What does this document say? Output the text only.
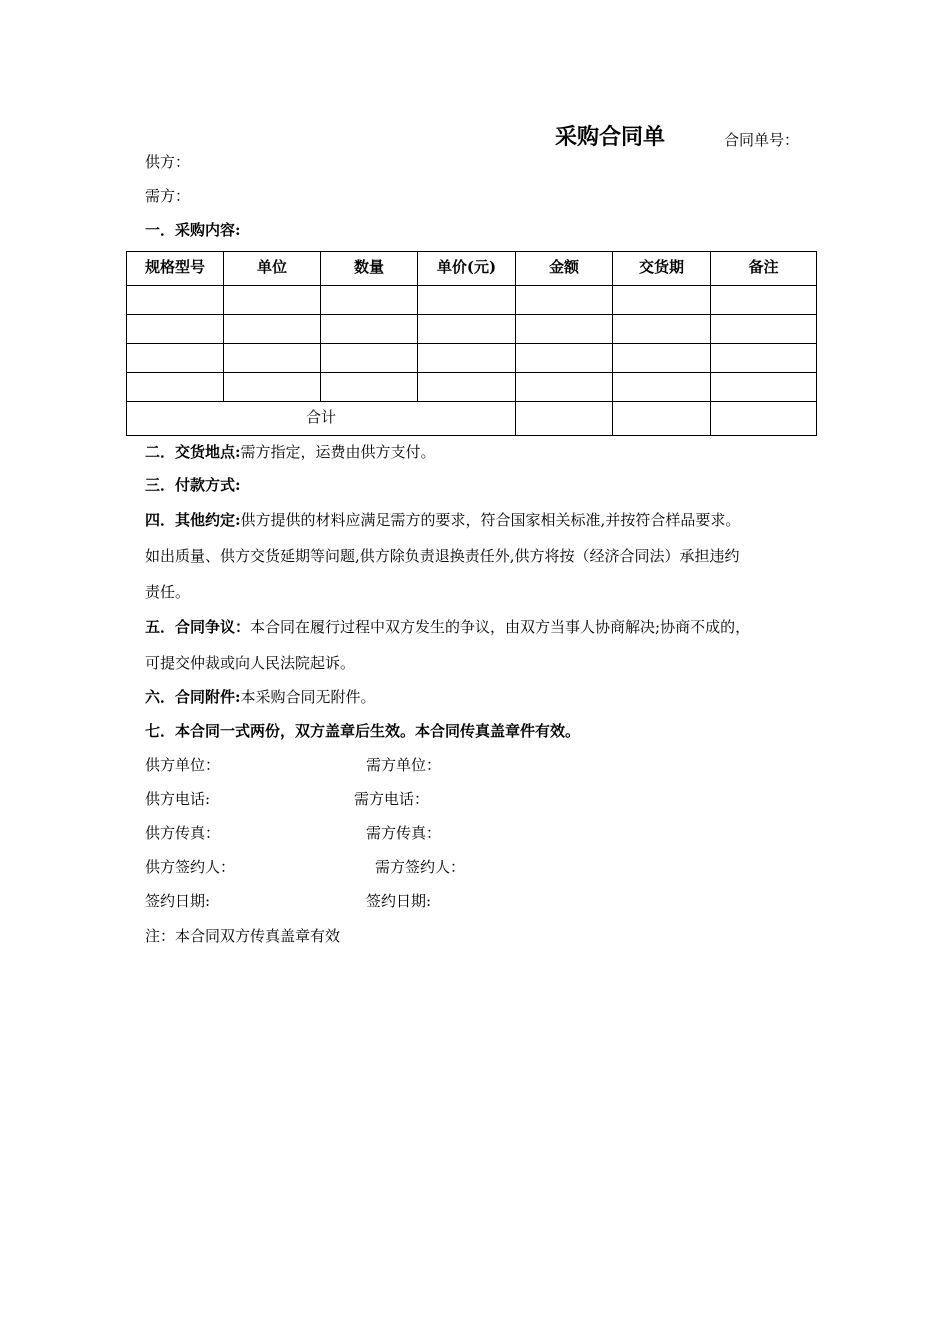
采购合同单	合同单号：
供方：
需方：
一．采购内容:
规格型号	单位	数量	单价(元)	金额	交货期	备注

合计						
二．交货地点:需方指定，运费由供方支付。
三．付款方式:
四．其他约定:供方提供的材料应满足需方的要求，符合国家相关标准,并按符合样品要求。
如出质量、供方交货延期等问题,供方除负责退换责任外,供方将按（经济合同法）承担违约
责任。
五．合同争议：本合同在履行过程中双方发生的争议，由双方当事人协商解决;协商不成的，
可提交仲裁或向人民法院起诉。
六．合同附件:本采购合同无附件。
七．本合同一式两份，双方盖章后生效。本合同传真盖章件有效。
供方单位：	需方单位：
供方电话:	需方电话：
供方传真：	需方传真：
供方签约人：	需方签约人：
签约日期:	签约日期:
注：本合同双方传真盖章有效
